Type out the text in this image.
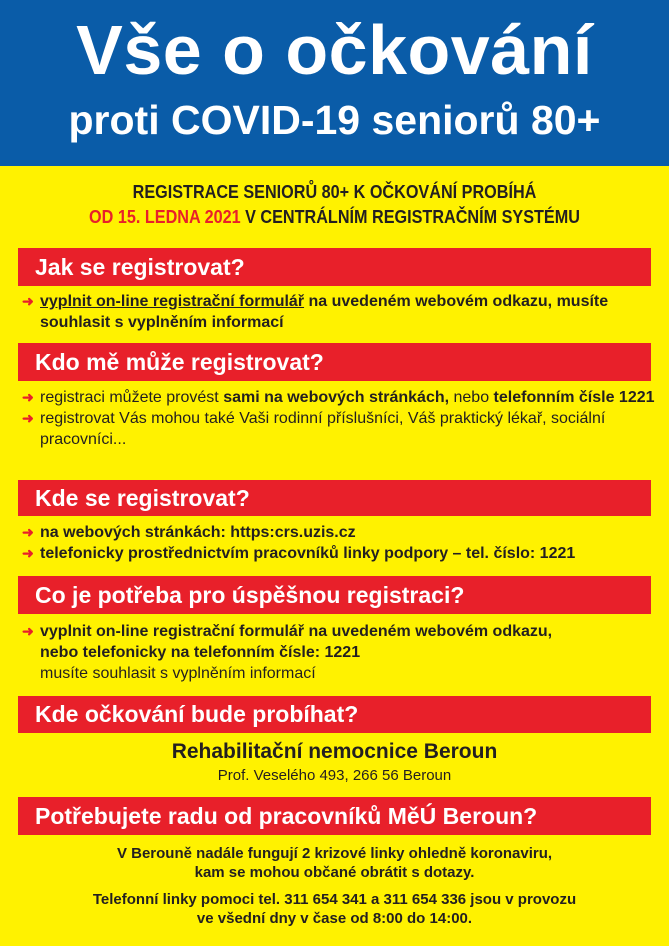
Vše o očkování
proti COVID-19 seniorů 80+
REGISTRACE SENIORŮ 80+ K OČKOVÁNÍ PROBÍHÁ
OD 15. LEDNA 2021 V CENTRÁLNÍM REGISTRAČNÍM SYSTÉMU
Jak se registrovat?
➜ vyplnit on-line registrační formulář na uvedeném webovém odkazu, musíte souhlasit s vyplněním informací
Kdo mě může registrovat?
➜ registraci můžete provést sami na webových stránkách, nebo telefonním čísle 1221
➜ registrovat Vás mohou také Vaši rodinní příslušníci, Váš praktický lékař, sociální pracovníci...
Kde se registrovat?
➜ na webových stránkách: https:crs.uzis.cz
➜ telefonicky prostřednictvím pracovníků linky podpory – tel. číslo: 1221
Co je potřeba pro úspěšnou registraci?
➜ vyplnit on-line registrační formulář na uvedeném webovém odkazu,
nebo telefonicky na telefonním čísle: 1221
musíte souhlasit s vyplněním informací
Kde očkování bude probíhat?
Rehabilitační nemocnice Beroun
Prof. Veselého 493, 266 56 Beroun
Potřebujete radu od pracovníků MěÚ Beroun?
V Berouně nadále fungují 2 krizové linky ohledně koronaviru,
kam se mohou občané obrátit s dotazy.
Telefonní linky pomoci tel. 311 654 341 a 311 654 336 jsou v provozu
ve všední dny v čase od 8:00 do 14:00.
